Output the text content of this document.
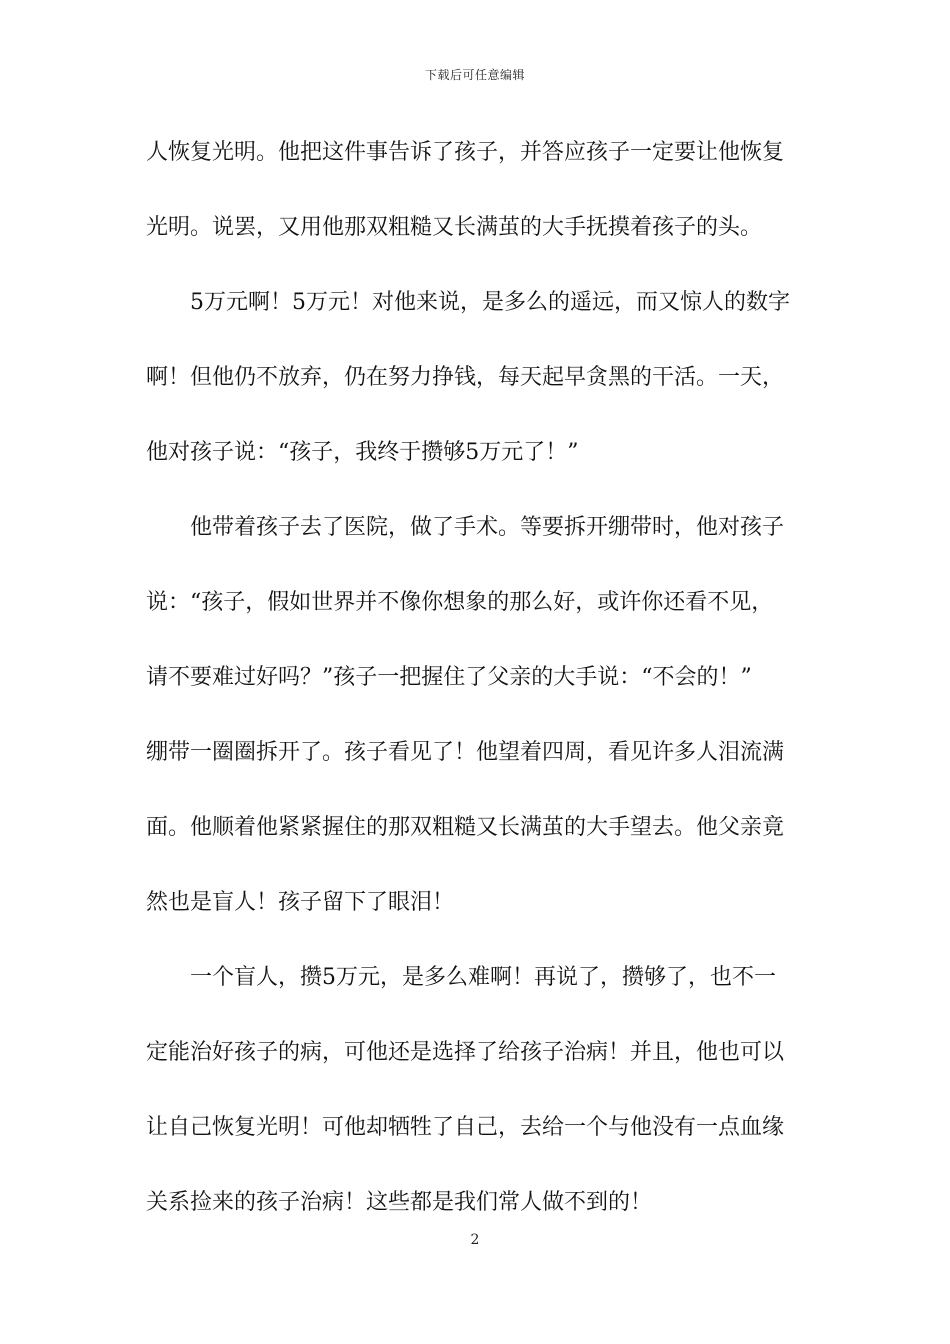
下载后可任意编辑

人恢复光明。他把这件事告诉了孩子，并答应孩子一定要让他恢复

光明。说罢，又用他那双粗糙又长满茧的大手抚摸着孩子的头。

5万元啊！5万元！对他来说，是多么的遥远，而又惊人的数字

啊！但他仍不放弃，仍在努力挣钱，每天起早贪黑的干活。一天，

他对孩子说：“孩子，我终于攒够5万元了！”

他带着孩子去了医院，做了手术。等要拆开绷带时，他对孩子

说：“孩子，假如世界并不像你想象的那么好，或许你还看不见，

请不要难过好吗？”孩子一把握住了父亲的大手说：“不会的！”

绷带一圈圈拆开了。孩子看见了！他望着四周，看见许多人泪流满

面。他顺着他紧紧握住的那双粗糙又长满茧的大手望去。他父亲竟

然也是盲人！孩子留下了眼泪！

一个盲人，攒5万元，是多么难啊！再说了，攒够了，也不一

定能治好孩子的病，可他还是选择了给孩子治病！并且，他也可以

让自己恢复光明！可他却牺牲了自己，去给一个与他没有一点血缘

关系捡来的孩子治病！这些都是我们常人做不到的！

2
